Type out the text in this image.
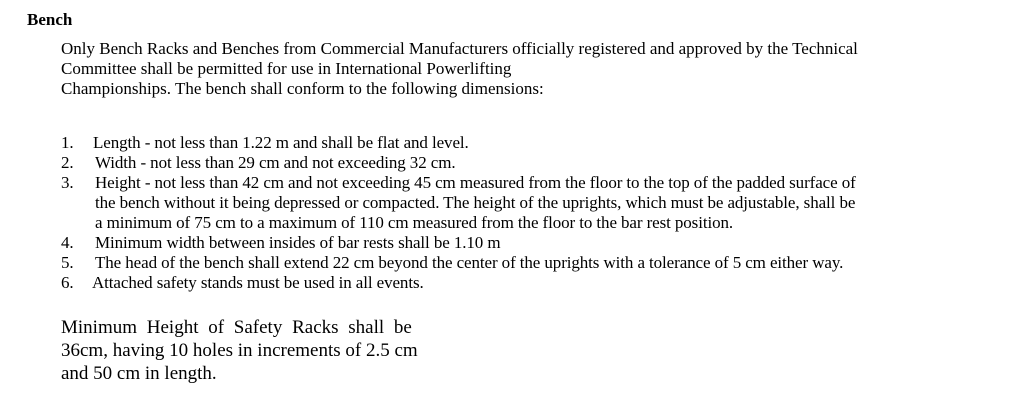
Bench
Only Bench Racks and Benches from Commercial Manufacturers officially registered and approved by the Technical
Committee shall be permitted for use in International Powerlifting
Championships. The bench shall conform to the following dimensions:
1. Length - not less than 1.22 m and shall be flat and level.
2. Width - not less than 29 cm and not exceeding 32 cm.
3. Height - not less than 42 cm and not exceeding 45 cm measured from the floor to the top of the padded surface of
the bench without it being depressed or compacted. The height of the uprights, which must be adjustable, shall be
a minimum of 75 cm to a maximum of 110 cm measured from the floor to the bar rest position.
4. Minimum width between insides of bar rests shall be 1.10 m
5. The head of the bench shall extend 22 cm beyond the center of the uprights with a tolerance of 5 cm either way.
6. Attached safety stands must be used in all events.
Minimum Height of Safety Racks shall be
36cm, having 10 holes in increments of 2.5 cm
and 50 cm in length.
